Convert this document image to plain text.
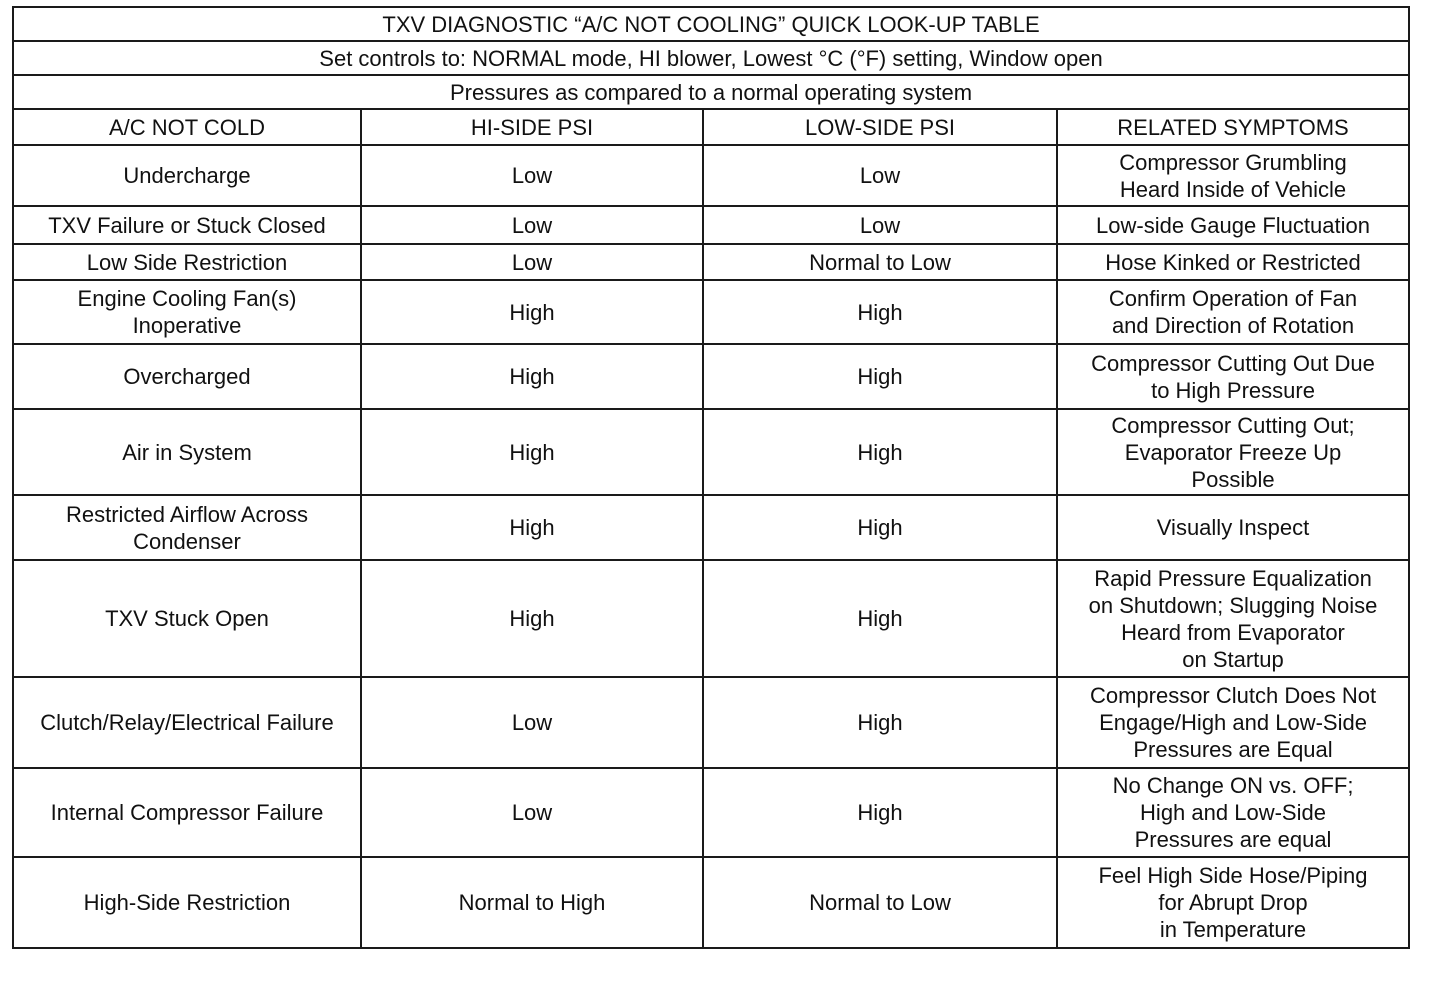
TXV DIAGNOSTIC “A/C NOT COOLING” QUICK LOOK-UP TABLE			
Set controls to: NORMAL mode, HI blower, Lowest °C (°F) setting, Window open			
Pressures as compared to a normal operating system			
A/C NOT COLD	HI-SIDE PSI	LOW-SIDE PSI	RELATED SYMPTOMS

Undercharge	Low	Low	Compressor Grumbling
Heard Inside of Vehicle

TXV Failure or Stuck Closed	Low	Low	Low-side Gauge Fluctuation

Low Side Restriction	Low	Normal to Low	Hose Kinked or Restricted

Engine Cooling Fan(s)
Inoperative	High	High	Confirm Operation of Fan
and Direction of Rotation

Overcharged	High	High	Compressor Cutting Out Due
to High Pressure

Air in System	High	High	Compressor Cutting Out;
Evaporator Freeze Up
Possible

Restricted Airflow Across
Condenser	High	High	Visually Inspect

TXV Stuck Open	High	High	Rapid Pressure Equalization
on Shutdown; Slugging Noise
Heard from Evaporator
on Startup

Clutch/Relay/Electrical Failure	Low	High	Compressor Clutch Does Not
Engage/High and Low-Side
Pressures are Equal

Internal Compressor Failure	Low	High	No Change ON vs. OFF;
High and Low-Side
Pressures are equal

High-Side Restriction	Normal to High	Normal to Low	Feel High Side Hose/Piping
for Abrupt Drop
in Temperature
